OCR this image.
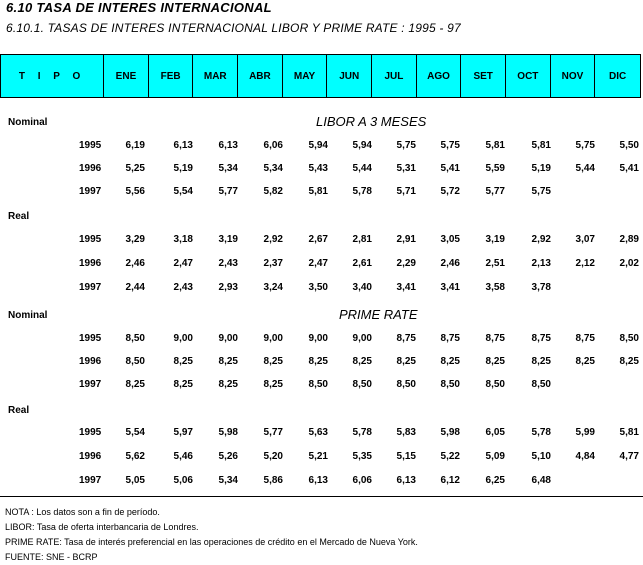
6.10 TASA DE INTERES INTERNACIONAL
6.10.1. TASAS DE INTERES INTERNACIONAL LIBOR Y PRIME RATE : 1995 - 97
T I P O	ENE	FEB	MAR	ABR	MAY	JUN	JUL	AGO	SET	OCT	NOV	DIC
Nominal	LIBOR A 3 MESES
1995	6,19	6,13	6,13	6,06	5,94	5,94	5,75	5,75	5,81	5,81	5,75	5,50
1996	5,25	5,19	5,34	5,34	5,43	5,44	5,31	5,41	5,59	5,19	5,44	5,41
1997	5,56	5,54	5,77	5,82	5,81	5,78	5,71	5,72	5,77	5,75
Real
1995	3,29	3,18	3,19	2,92	2,67	2,81	2,91	3,05	3,19	2,92	3,07	2,89
1996	2,46	2,47	2,43	2,37	2,47	2,61	2,29	2,46	2,51	2,13	2,12	2,02
1997	2,44	2,43	2,93	3,24	3,50	3,40	3,41	3,41	3,58	3,78
Nominal	PRIME RATE
1995	8,50	9,00	9,00	9,00	9,00	9,00	8,75	8,75	8,75	8,75	8,75	8,50
1996	8,50	8,25	8,25	8,25	8,25	8,25	8,25	8,25	8,25	8,25	8,25	8,25
1997	8,25	8,25	8,25	8,25	8,50	8,50	8,50	8,50	8,50	8,50
Real
1995	5,54	5,97	5,98	5,77	5,63	5,78	5,83	5,98	6,05	5,78	5,99	5,81
1996	5,62	5,46	5,26	5,20	5,21	5,35	5,15	5,22	5,09	5,10	4,84	4,77
1997	5,05	5,06	5,34	5,86	6,13	6,06	6,13	6,12	6,25	6,48
NOTA : Los datos son a fin de período.
LIBOR: Tasa de oferta interbancaria de Londres.
PRIME RATE: Tasa de interés preferencial en las operaciones de crédito en el Mercado de Nueva York.
FUENTE: SNE - BCRP
